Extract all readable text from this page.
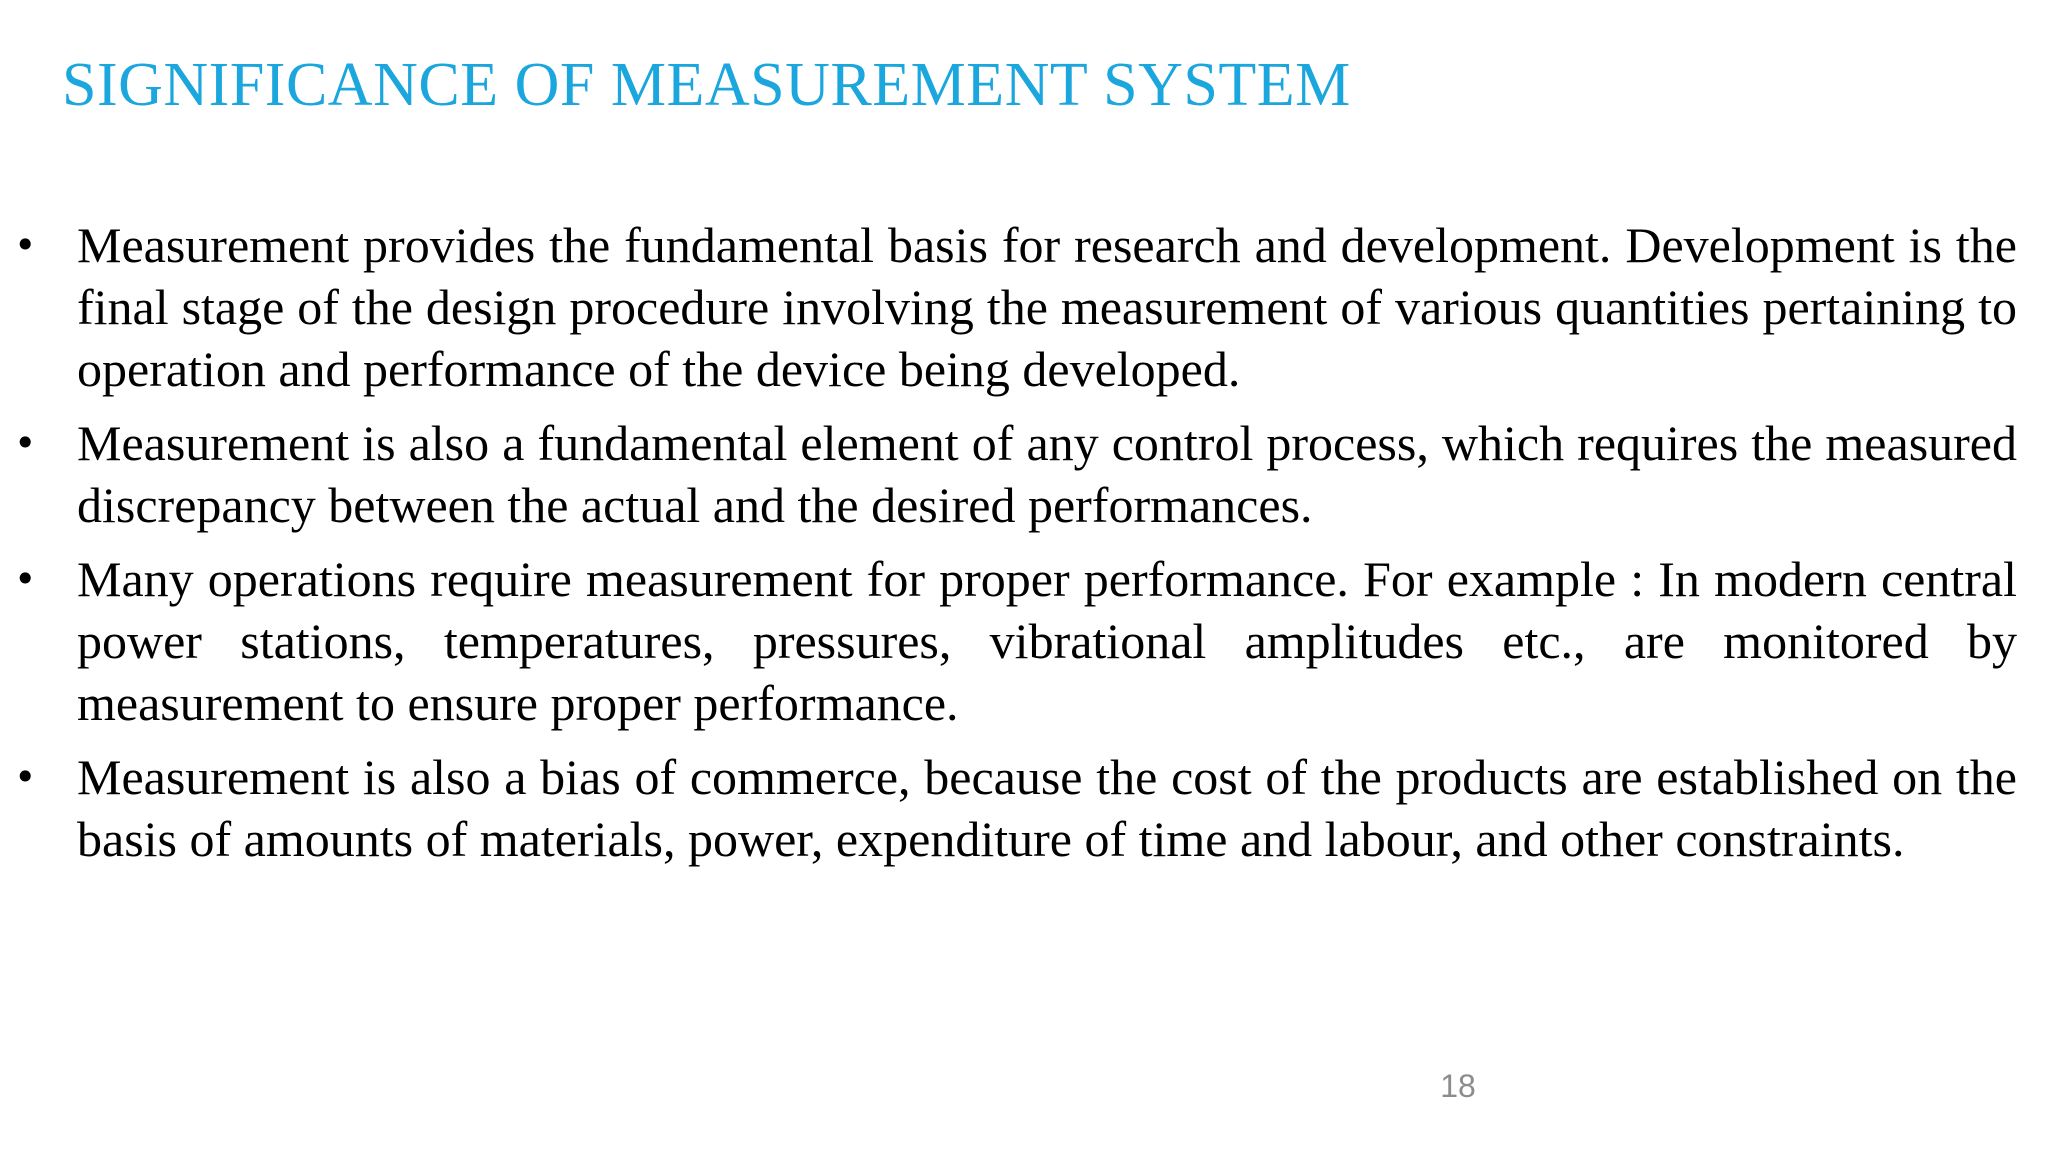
SIGNIFICANCE OF MEASUREMENT SYSTEM
• Measurement provides the fundamental basis for research and development. Development is the final stage of the design procedure involving the measurement of various quantities pertaining to operation and performance of the device being developed.
• Measurement is also a fundamental element of any control process, which requires the measured discrepancy between the actual and the desired performances.
• Many operations require measurement for proper performance. For example : In modern central power stations, temperatures, pressures, vibrational amplitudes etc., are monitored by measurement to ensure proper performance.
• Measurement is also a bias of commerce, because the cost of the products are established on the basis of amounts of materials, power, expenditure of time and labour, and other constraints.
18
